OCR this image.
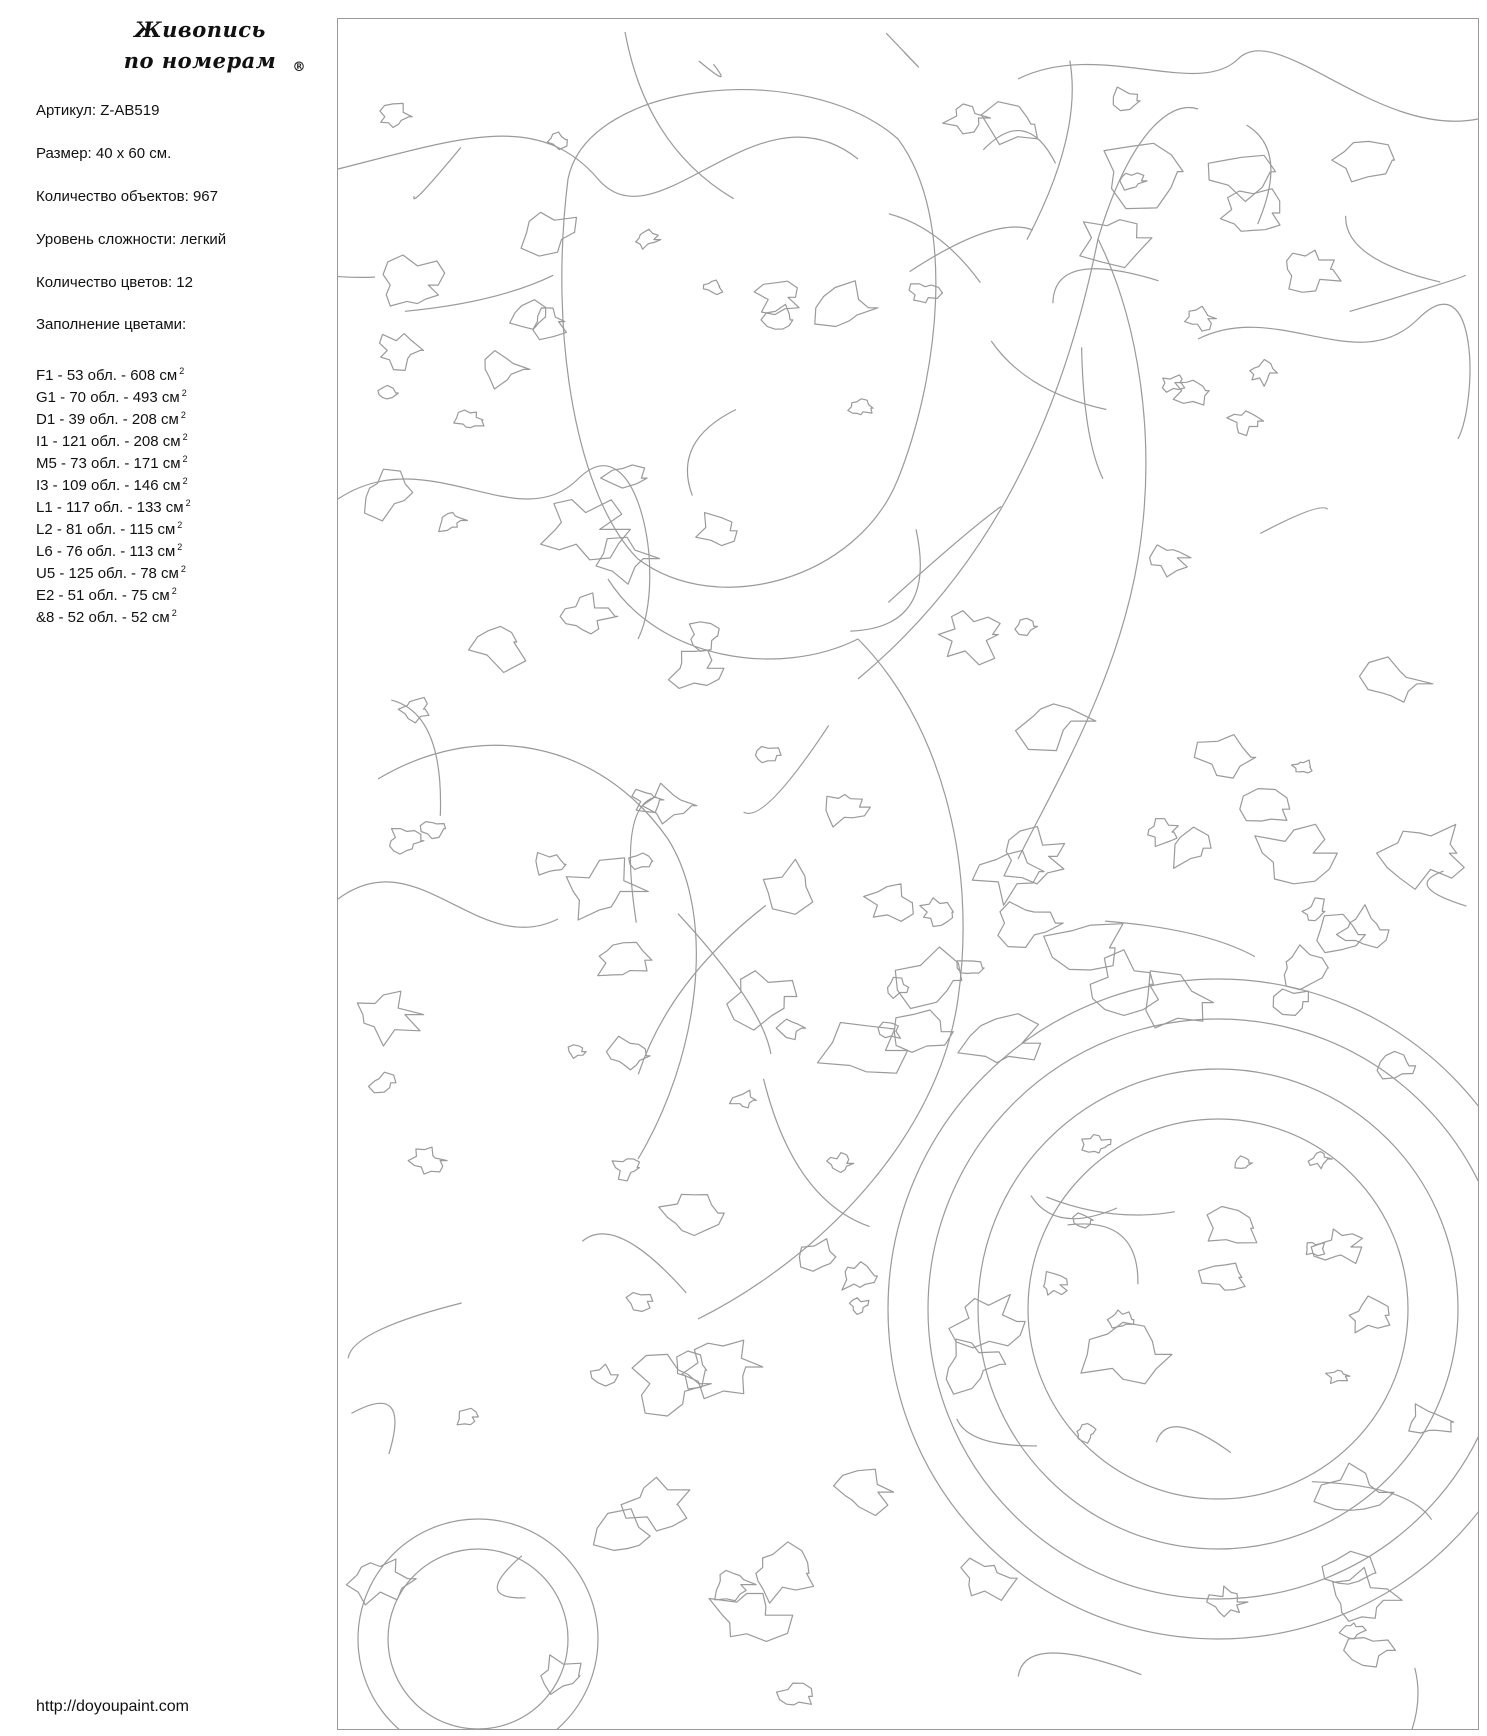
Живопись
по номерам	®
Артикул: Z-AB519
Размер: 40 х 60 см.
Количество объектов: 967
Уровень сложности: легкий
Количество цветов: 12
Заполнение цветами:
F1 - 53 обл. - 608 см $^2$
G1 - 70 обл. - 493 см $^2$
D1 - 39 обл. - 208 см $^2$
I1 - 121 обл. - 208 см $^2$
M5 - 73 обл. - 171 см $^2$
I3 - 109 обл. - 146 см $^2$
L1 - 117 обл. - 133 см $^2$
L2 - 81 обл. - 115 см $^2$
L6 - 76 обл. - 113 см $^2$
U5 - 125 обл. - 78 см $^2$
E2 - 51 обл. - 75 см $^2$
&8 - 52 обл. - 52 см $^2$
http://doyoupaint.com
